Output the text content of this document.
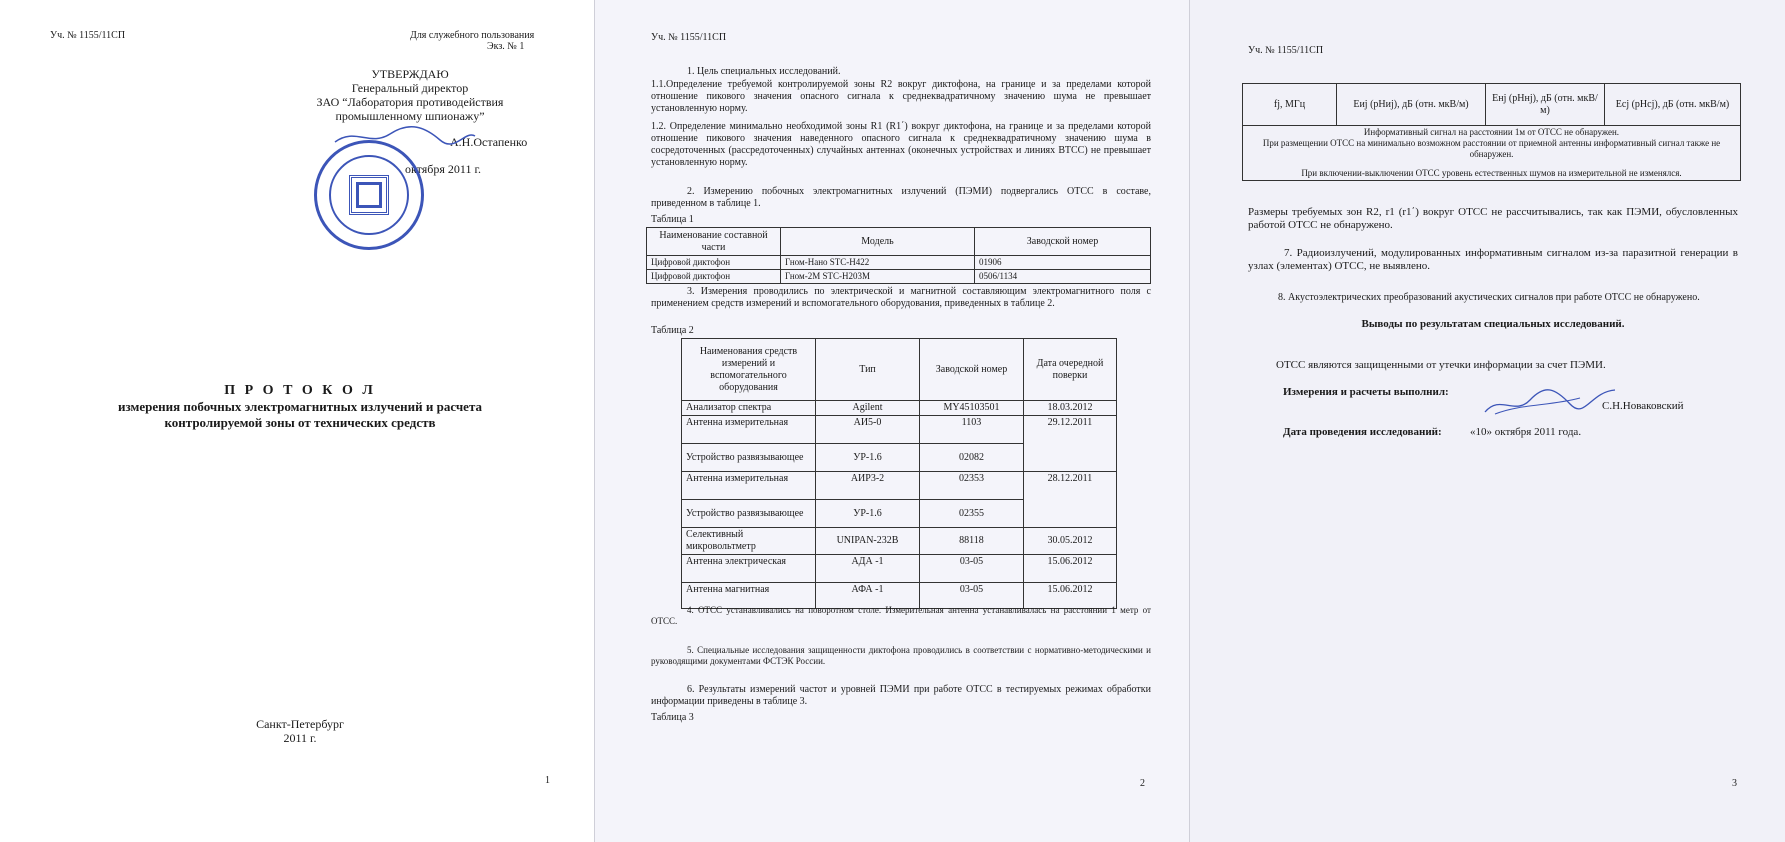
Уч. № 1155/11СП	Для служебного пользования
Экз. № 1
УТВЕРЖДАЮ
Генеральный директор
ЗАО “Лаборатория противодействия
промышленному шпионажу”
А.Н.Остапенко
октября 2011 г.
П Р О Т О К О Л
измерения побочных электромагнитных излучений и расчета
контролируемой зоны от технических средств
Санкт-Петербург
2011 г.
1
Уч. № 1155/11СП
1. Цель специальных исследований.
1.1.Определение требуемой контролируемой зоны R2 вокруг диктофона, на границе и за пределами которой отношение пикового значения опасного сигнала к среднеквадратичному значению шума не превышает установленную норму.
1.2. Определение минимально необходимой зоны R1 (R1΄) вокруг диктофона, на границе и за пределами которой отношение пикового значения наведенного опасного сигнала к среднеквадратичному значению шума в сосредоточенных (рассредоточенных) случайных антеннах (оконечных устройствах и линиях ВТСС) не превышает установленную норму.
2. Измерению побочных электромагнитных излучений (ПЭМИ) подвергались ОТСС в составе, приведенном в таблице 1.
Таблица 1
Наименование составной части	Модель	Заводской номер
Цифровой диктофон	Гном-Нано STC-H422	01906
Цифровой диктофон	Гном-2М STC-H203M	0506/1134
3. Измерения проводились по электрической и магнитной составляющим электромагнитного поля с применением средств измерений и вспомогательного оборудования, приведенных в таблице 2.
Таблица 2
Наименования средств измерений и вспомогательного оборудования	Тип	Заводской номер	Дата очередной поверки
Анализатор спектра	Agilent	MY45103501	18.03.2012
Антенна измерительная	АИ5-0	1103	29.12.2011
Устройство развязывающее	УР-1.6	02082	
Антенна измерительная	АИР3-2	02353	28.12.2011
Устройство развязывающее	УР-1.6	02355	
Селективный микровольтметр	UNIPAN-232B	88118	30.05.2012
Антенна электрическая	АДА -1	03-05	15.06.2012
Антенна магнитная	АФА -1	03-05	15.06.2012
4. ОТСС устанавливались на поворотном столе. Измерительная антенна устанавливалась на расстоянии 1 метр от ОТСС.
5. Специальные исследования защищенности диктофона проводились в соответствии с нормативно-методическими и руководящими документами ФСТЭК России.
6. Результаты измерений частот и уровней ПЭМИ при работе ОТСС в тестируемых режимах обработки информации приведены в таблице 3.
Таблица 3
2
Уч. № 1155/11СП
fj, МГц	Eиj (рHиj), дБ (отн. мкВ/м)	Eнj (рHнj), дБ (отн. мкВ/м)	Eсj (рHсj), дБ (отн. мкВ/м)

Информативный сигнал на расстоянии 1м от ОТСС не обнаружен.
При размещении ОТСС на минимально возможном расстоянии от приемной антенны информативный сигнал также не обнаружен.
При включении-выключении ОТСС уровень естественных шумов на измерительной не изменялся.
Размеры требуемых зон R2, r1 (r1΄) вокруг ОТСС не рассчитывались, так как ПЭМИ, обусловленных работой ОТСС не обнаружено.
7. Радиоизлучений, модулированных информативным сигналом из-за паразитной генерации в узлах (элементах) ОТСС, не выявлено.
8. Акустоэлектрических преобразований акустических сигналов при работе ОТСС не обнаружено.
Выводы по результатам специальных исследований.
ОТСС являются защищенными от утечки информации за счет ПЭМИ.
Измерения и расчеты выполнил:
С.Н.Новаковский
Дата проведения исследований:	«10» октября 2011 года.
3
